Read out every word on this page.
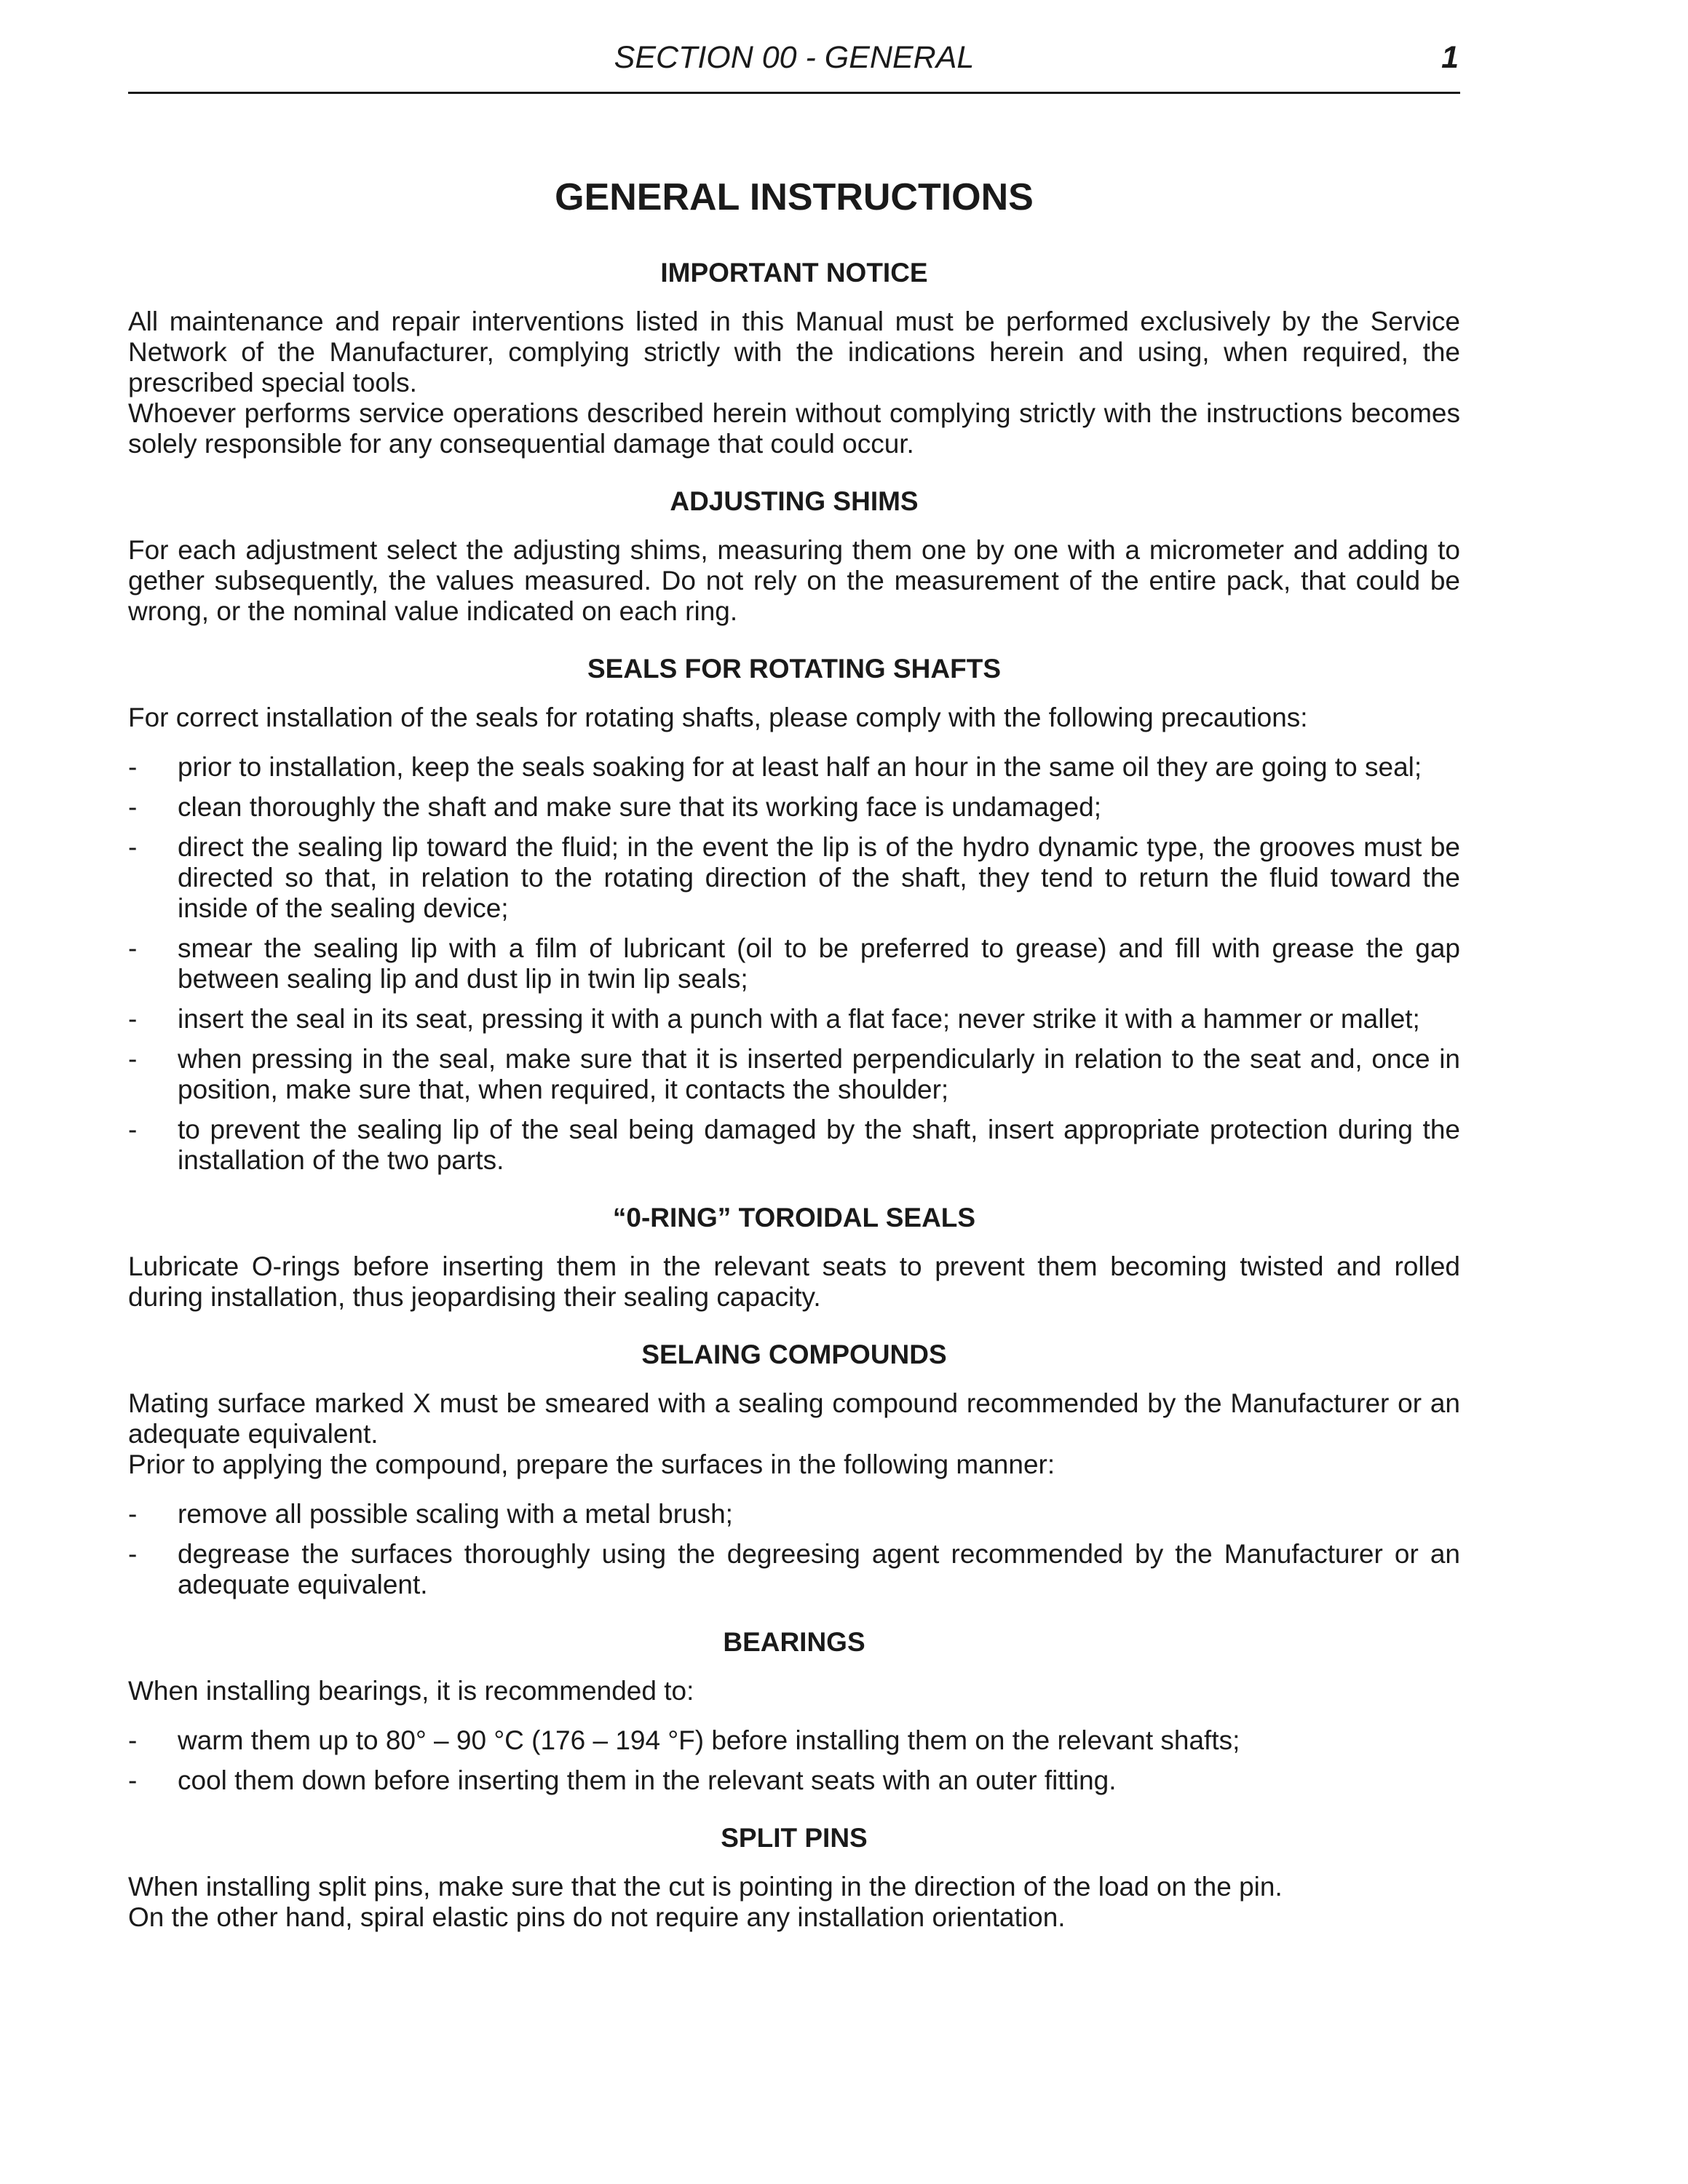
SECTION 00 - GENERAL	1
GENERAL INSTRUCTIONS
IMPORTANT NOTICE

All maintenance and repair interventions listed in this Manual must be performed exclusively by the Service Network of the Manufacturer, complying strictly with the indications herein and using, when required, the prescribed special tools.

Whoever performs service operations described herein without complying strictly with the instructions becomes solely responsible for any consequential damage that could occur.

ADJUSTING SHIMS

For each adjustment select the adjusting shims, measuring them one by one with a micrometer and adding to gether subsequently, the values measured. Do not rely on the measurement of the entire pack, that could be wrong, or the nominal value indicated on each ring.

SEALS FOR ROTATING SHAFTS

For correct installation of the seals for rotating shafts, please comply with the following precautions:

- prior to installation, keep the seals soaking for at least half an hour in the same oil they are going to seal;
- clean thoroughly the shaft and make sure that its working face is undamaged;
- direct the sealing lip toward the fluid; in the event the lip is of the hydro dynamic type, the grooves must be directed so that, in relation to the rotating direction of the shaft, they tend to return the fluid toward the inside of the sealing device;
- smear the sealing lip with a film of lubricant (oil to be preferred to grease) and fill with grease the gap between sealing lip and dust lip in twin lip seals;
- insert the seal in its seat, pressing it with a punch with a flat face; never strike it with a hammer or mallet;
- when pressing in the seal, make sure that it is inserted perpendicularly in relation to the seat and, once in position, make sure that, when required, it contacts the shoulder;
- to prevent the sealing lip of the seal being damaged by the shaft, insert appropriate protection during the installation of the two parts.
“0-RING” TOROIDAL SEALS

Lubricate O-rings before inserting them in the relevant seats to prevent them becoming twisted and rolled during installation, thus jeopardising their sealing capacity.

SELAING COMPOUNDS

Mating surface marked X must be smeared with a sealing compound recommended by the Manufacturer or an adequate equivalent.

Prior to applying the compound, prepare the surfaces in the following manner:

- remove all possible scaling with a metal brush;
- degrease the surfaces thoroughly using the degreesing agent recommended by the Manufacturer or an adequate equivalent.
BEARINGS

When installing bearings, it is recommended to:

- warm them up to 80° – 90 °C (176 – 194 °F) before installing them on the relevant shafts;
- cool them down before inserting them in the relevant seats with an outer fitting.
SPLIT PINS

When installing split pins, make sure that the cut is pointing in the direction of the load on the pin.

On the other hand, spiral elastic pins do not require any installation orientation.
